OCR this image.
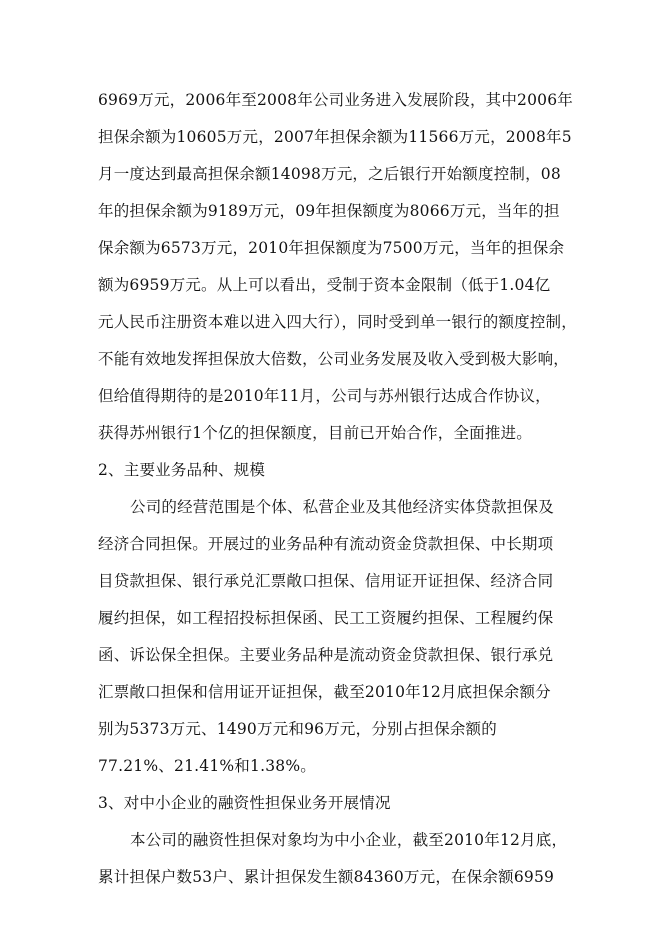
6969万元，2006年至2008年公司业务进入发展阶段，其中2006年
担保余额为10605万元，2007年担保余额为11566万元，2008年5
月一度达到最高担保余额14098万元，之后银行开始额度控制，08
年的担保余额为9189万元，09年担保额度为8066万元，当年的担
保余额为6573万元，2010年担保额度为7500万元，当年的担保余
额为6959万元。从上可以看出，受制于资本金限制（低于1.04亿
元人民币注册资本难以进入四大行），同时受到单一银行的额度控制，
不能有效地发挥担保放大倍数，公司业务发展及收入受到极大影响，
但给值得期待的是2010年11月，公司与苏州银行达成合作协议，
获得苏州银行1个亿的担保额度，目前已开始合作，全面推进。
2、主要业务品种、规模
公司的经营范围是个体、私营企业及其他经济实体贷款担保及
经济合同担保。开展过的业务品种有流动资金贷款担保、中长期项
目贷款担保、银行承兑汇票敞口担保、信用证开证担保、经济合同
履约担保，如工程招投标担保函、民工工资履约担保、工程履约保
函、诉讼保全担保。主要业务品种是流动资金贷款担保、银行承兑
汇票敞口担保和信用证开证担保，截至2010年12月底担保余额分
别为5373万元、1490万元和96万元，分别占担保余额的
77.21%、21.41%和1.38%。
3、对中小企业的融资性担保业务开展情况
本公司的融资性担保对象均为中小企业，截至2010年12月底，
累计担保户数53户、累计担保发生额84360万元，在保余额6959
